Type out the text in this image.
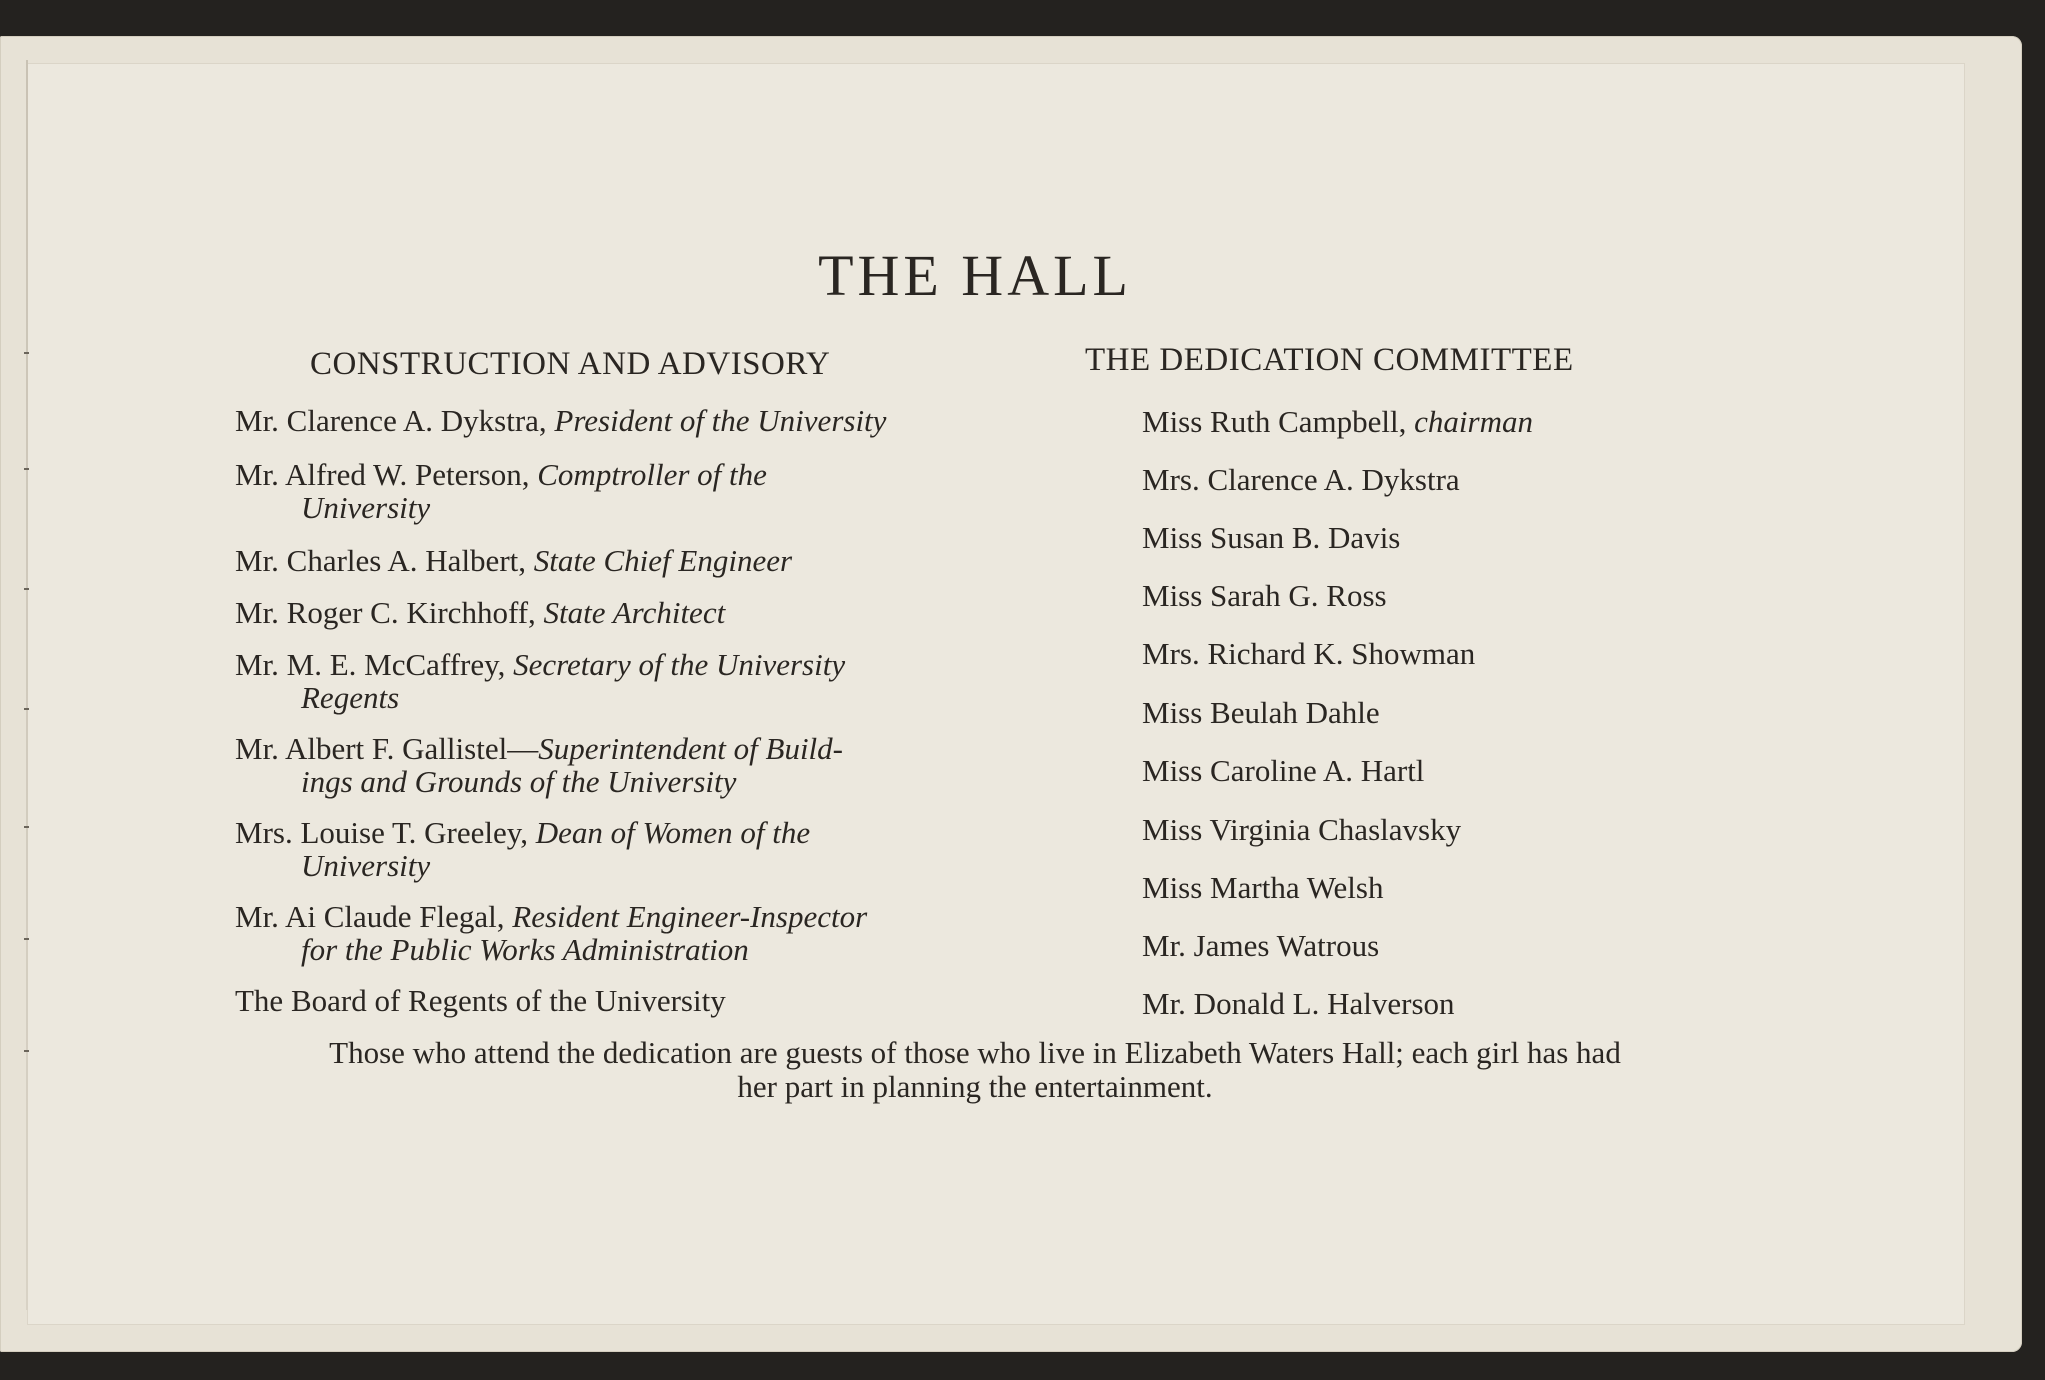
THE HALL
CONSTRUCTION AND ADVISORY
Mr. Clarence A. Dykstra, President of the University
Mr. Alfred W. Peterson, Comptroller of the
University
Mr. Charles A. Halbert, State Chief Engineer
Mr. Roger C. Kirchhoff, State Architect
Mr. M. E. McCaffrey, Secretary of the University
Regents
Mr. Albert F. Gallistel—Superintendent of Build-
ings and Grounds of the University
Mrs. Louise T. Greeley, Dean of Women of the
University
Mr. Ai Claude Flegal, Resident Engineer-Inspector
for the Public Works Administration
The Board of Regents of the University
THE DEDICATION COMMITTEE
Miss Ruth Campbell, chairman
Mrs. Clarence A. Dykstra
Miss Susan B. Davis
Miss Sarah G. Ross
Mrs. Richard K. Showman
Miss Beulah Dahle
Miss Caroline A. Hartl
Miss Virginia Chaslavsky
Miss Martha Welsh
Mr. James Watrous
Mr. Donald L. Halverson
Those who attend the dedication are guests of those who live in Elizabeth Waters Hall; each girl has had
her part in planning the entertainment.
